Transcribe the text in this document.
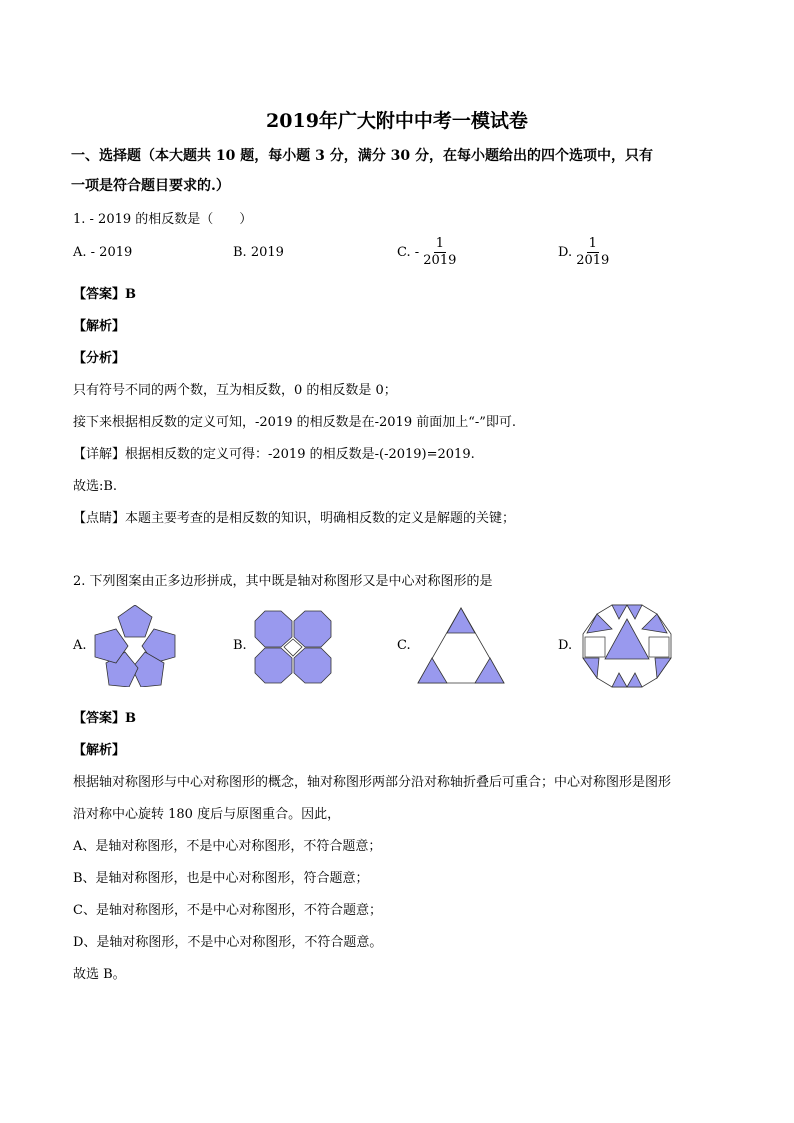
2019年广大附中中考一模试卷
一、选择题（本大题共 10 题，每小题 3 分，满分 30 分，在每小题给出的四个选项中，只有
一项是符合题目要求的.）
1. - 2019 的相反数是（　　）
A. - 2019	B. 2019	C. - $\frac{1}{2019}$	D. $\frac{1}{2019}$
【答案】B
【解析】
【分析】
只有符号不同的两个数，互为相反数，0 的相反数是 0；
接下来根据相反数的定义可知，-2019 的相反数是在-2019 前面加上“-”即可.
【详解】根据相反数的定义可得：-2019 的相反数是-(-2019)=2019.
故选:B.
【点睛】本题主要考查的是相反数的知识，明确相反数的定义是解题的关键；
2. 下列图案由正多边形拼成，其中既是轴对称图形又是中心对称图形的是
A.	B.	C.	D.
【答案】B
【解析】
根据轴对称图形与中心对称图形的概念，轴对称图形两部分沿对称轴折叠后可重合；中心对称图形是图形
沿对称中心旋转 180 度后与原图重合。因此，
A、是轴对称图形，不是中心对称图形，不符合题意；
B、是轴对称图形，也是中心对称图形，符合题意；
C、是轴对称图形，不是中心对称图形，不符合题意；
D、是轴对称图形，不是中心对称图形，不符合题意。
故选 B。
